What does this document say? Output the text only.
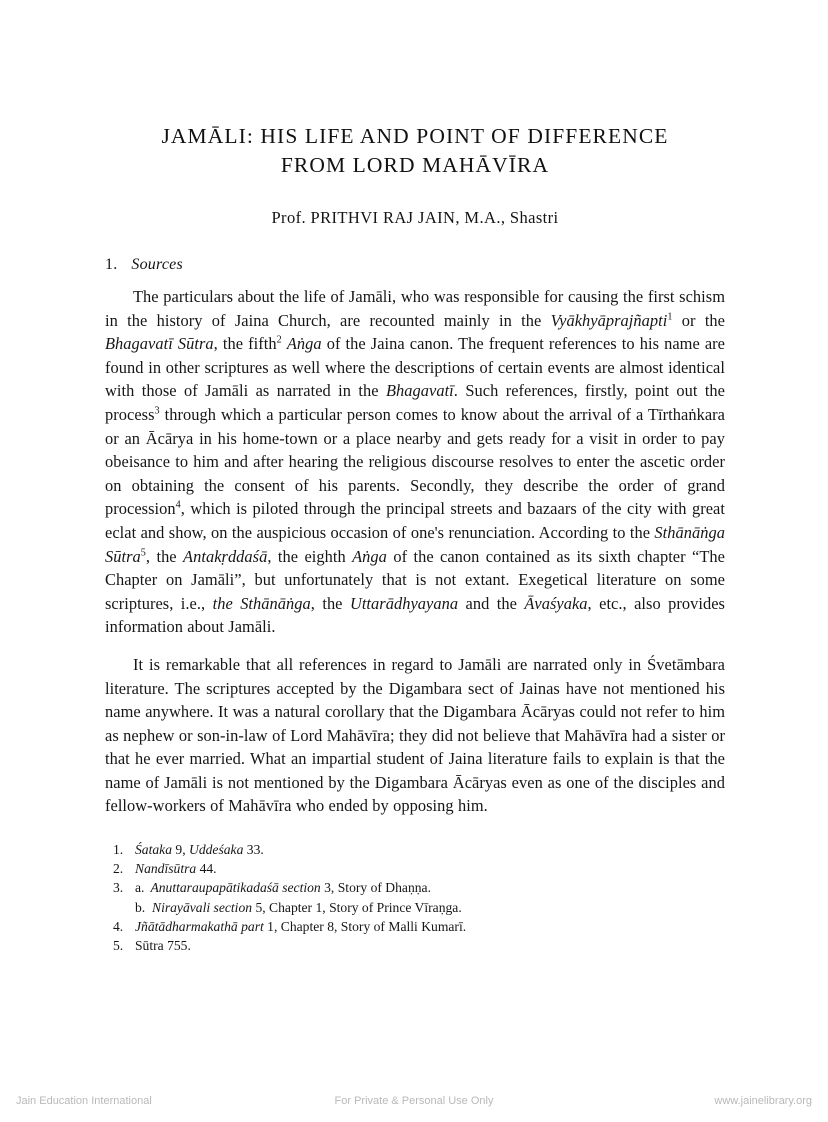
JAMĀLI: HIS LIFE AND POINT OF DIFFERENCE
FROM LORD MAHĀVĪRA
Prof. PRITHVI RAJ JAIN, M.A., Shastri
1. Sources

The particulars about the life of Jamāli, who was responsible for causing the first schism in the history of Jaina Church, are recounted mainly in the Vyākhyāprajñapti$^1$ or the Bhagavatī Sūtra, the fifth$^2$ Aṅga of the Jaina canon. The frequent references to his name are found in other scriptures as well where the descriptions of certain events are almost identical with those of Jamāli as narrated in the Bhagavatī. Such references, firstly, point out the process$^3$ through which a particular person comes to know about the arrival of a Tīrthaṅkara or an Ācārya in his home-town or a place nearby and gets ready for a visit in order to pay obeisance to him and after hearing the religious discourse resolves to enter the ascetic order on obtaining the consent of his parents. Secondly, they describe the order of grand procession$^4$, which is piloted through the principal streets and bazaars of the city with great eclat and show, on the auspicious occasion of one's renunciation. According to the Sthānāṅga Sūtra$^5$, the Antakṛddaśā, the eighth Aṅga of the canon contained as its sixth chapter “The Chapter on Jamāli”, but unfortunately that is not extant. Exegetical literature on some scriptures, i.e., the Sthānāṅga, the Uttarādhyayana and the Āvaśyaka, etc., also provides information about Jamāli.

It is remarkable that all references in regard to Jamāli are narrated only in Śvetāmbara literature. The scriptures accepted by the Digambara sect of Jainas have not mentioned his name anywhere. It was a natural corollary that the Digambara Ācāryas could not refer to him as nephew or son-in-law of Lord Mahāvīra; they did not believe that Mahāvīra had a sister or that he ever married. What an impartial student of Jaina literature fails to explain is that the name of Jamāli is not mentioned by the Digambara Ācāryas even as one of the disciples and fellow-workers of Mahāvīra who ended by opposing him.

1. Śataka 9, Uddeśaka 33.
2. Nandīsūtra 44.
3. a. Anuttaraupapātikadaśā section 3, Story of Dhaṇṇa.
b. Nirayāvali section 5, Chapter 1, Story of Prince Vīraṇga.
4. Jñātādharmakathā part 1, Chapter 8, Story of Malli Kumarī.
5. Sūtra 755.
Jain Education International	For Private & Personal Use Only	www.jainelibrary.org
